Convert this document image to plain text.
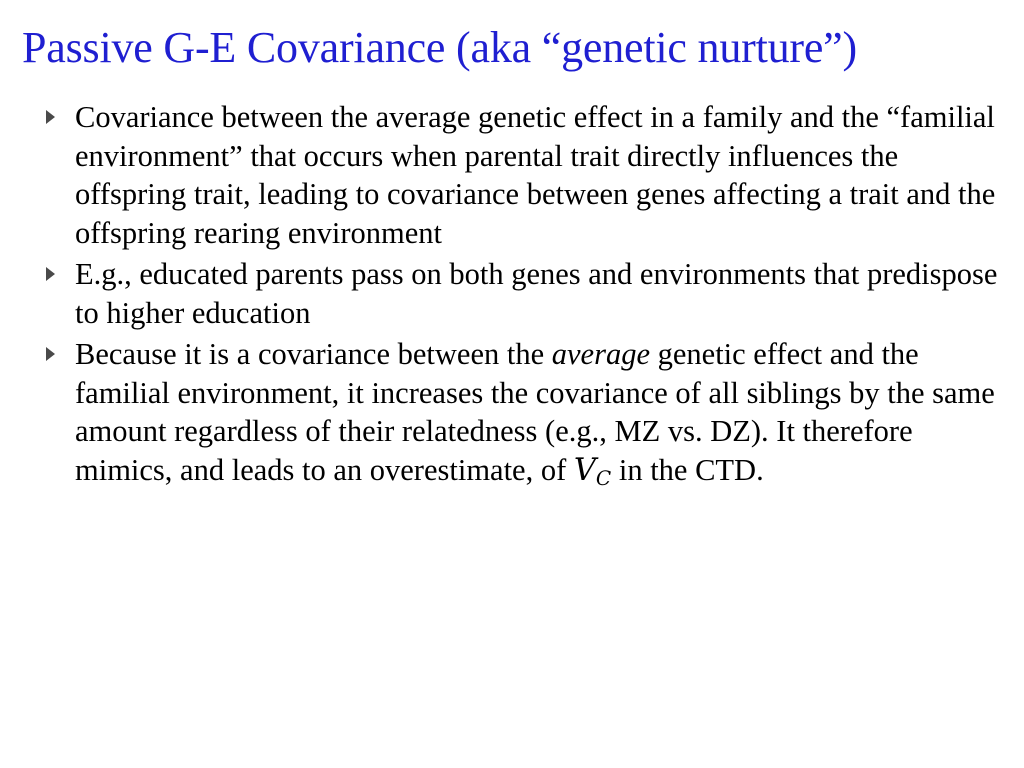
Passive G-E Covariance (aka “genetic nurture”)
Covariance between the average genetic effect in a family and the “familial environment” that occurs when parental trait directly influences the offspring trait, leading to covariance between genes affecting a trait and the offspring rearing environment
E.g., educated parents pass on both genes and environments that predispose to higher education
Because it is a covariance between the average genetic effect and the familial environment, it increases the covariance of all siblings by the same amount regardless of their relatedness (e.g., MZ vs. DZ). It therefore mimics, and leads to an overestimate, of VC in the CTD.
